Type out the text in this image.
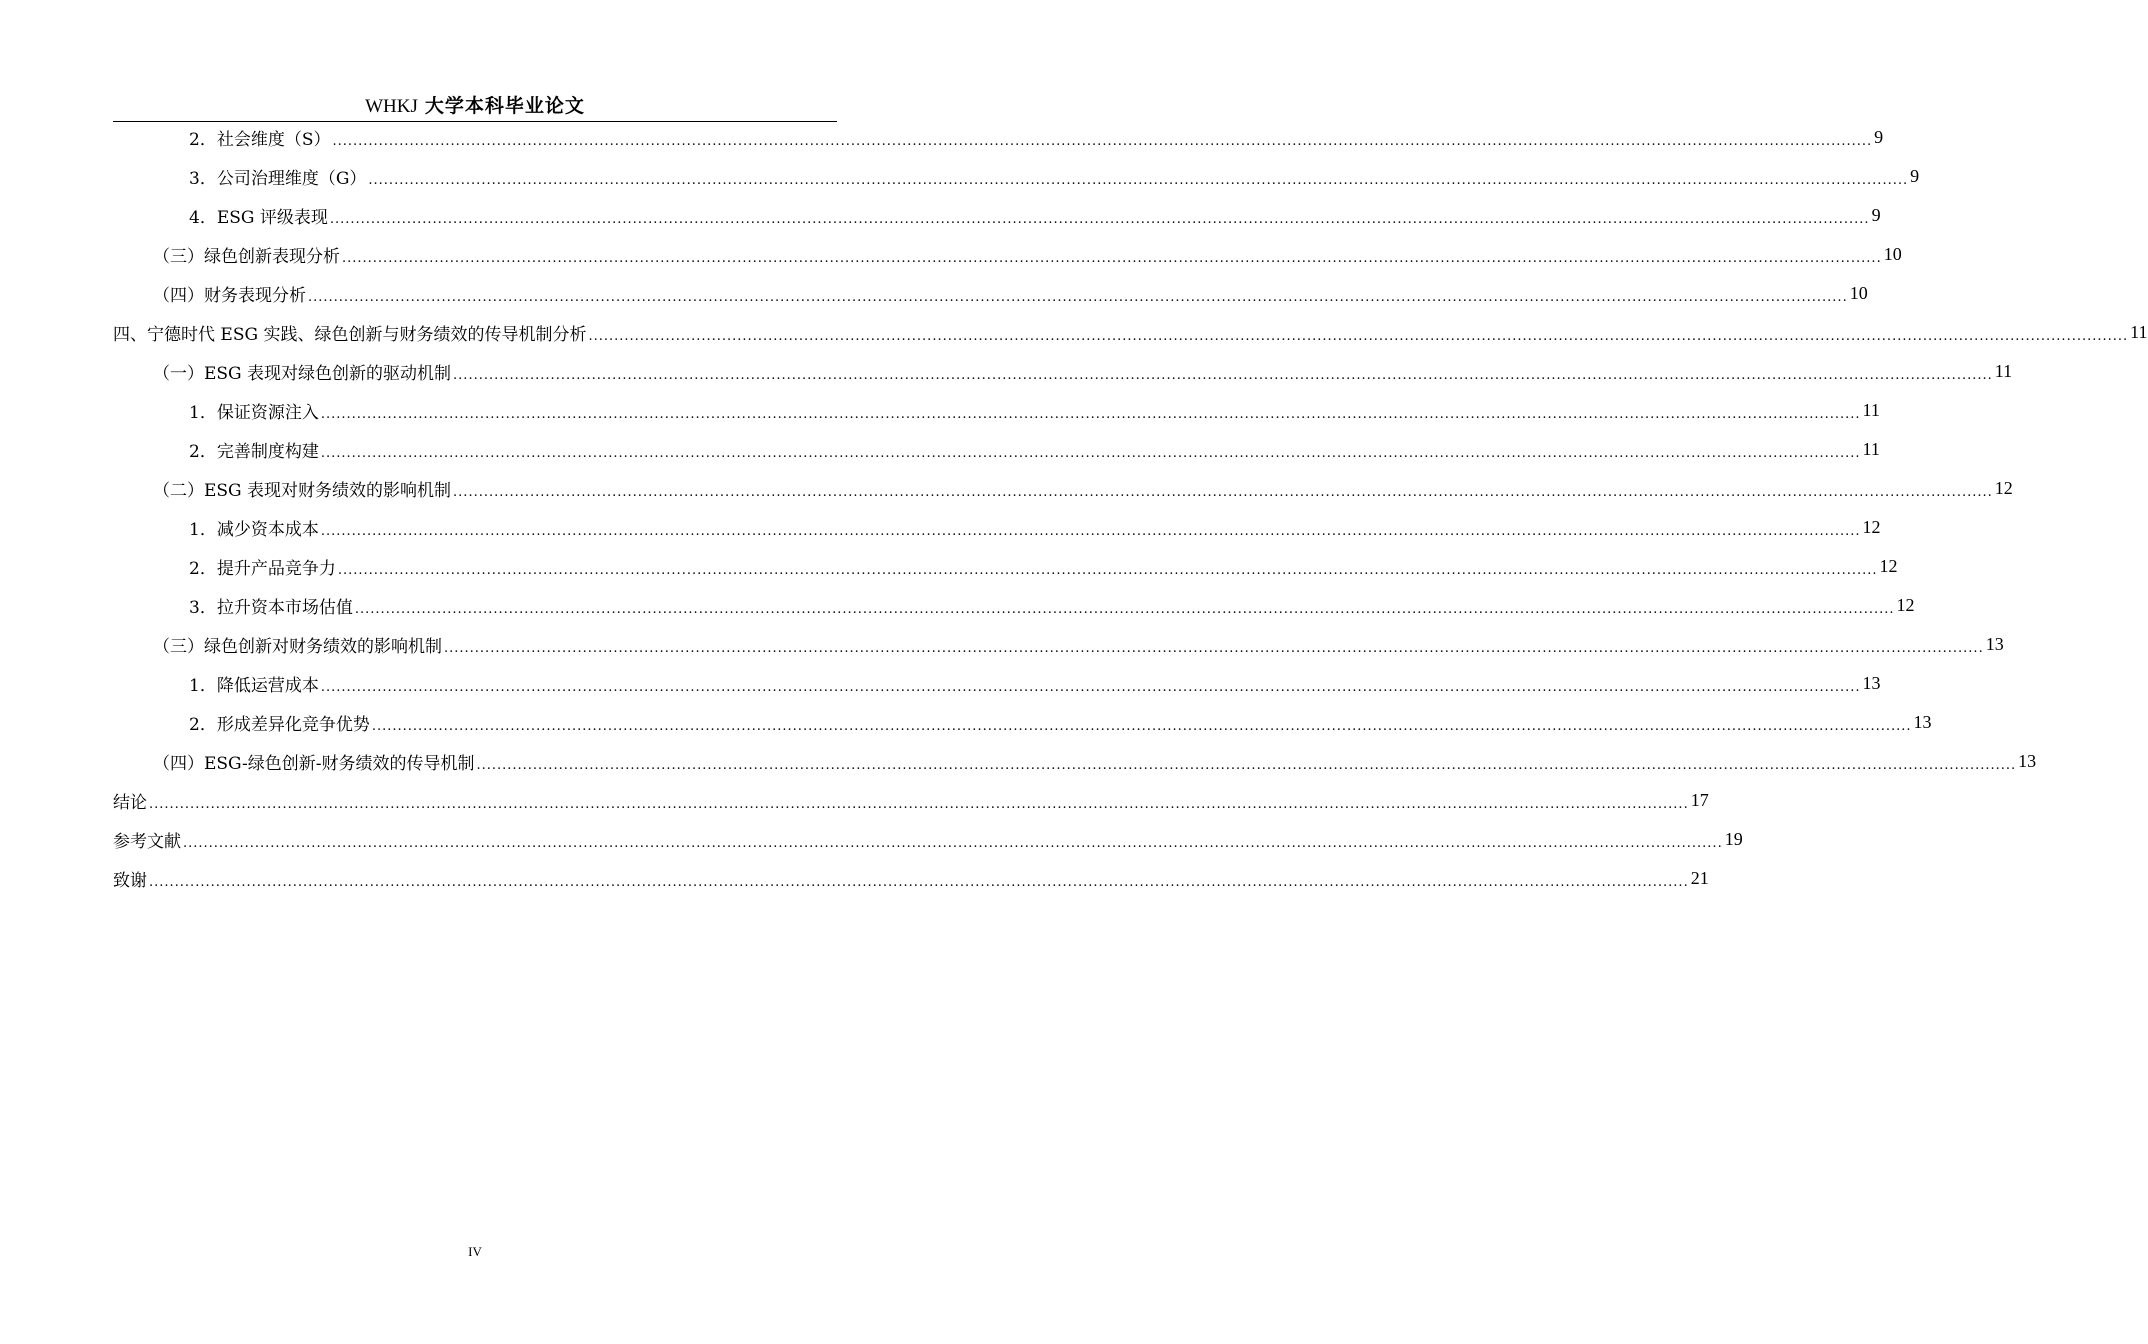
WHKJ 大学本科毕业论文
2．社会维度（S） ............................................................................................................................................................................................................................................................................................................ 9
3．公司治理维度（G） ............................................................................................................................................................................................................................................................................................................ 9
4．ESG 评级表现 ............................................................................................................................................................................................................................................................................................................ 9
（三）绿色创新表现分析 ............................................................................................................................................................................................................................................................................................................ 10
（四）财务表现分析 ............................................................................................................................................................................................................................................................................................................ 10
四、宁德时代 ESG 实践、绿色创新与财务绩效的传导机制分析 ............................................................................................................................................................................................................................................................................................................ 11
（一）ESG 表现对绿色创新的驱动机制 ............................................................................................................................................................................................................................................................................................................ 11
1．保证资源注入 ............................................................................................................................................................................................................................................................................................................ 11
2．完善制度构建 ............................................................................................................................................................................................................................................................................................................ 11
（二）ESG 表现对财务绩效的影响机制 ............................................................................................................................................................................................................................................................................................................ 12
1．减少资本成本 ............................................................................................................................................................................................................................................................................................................ 12
2．提升产品竞争力 ............................................................................................................................................................................................................................................................................................................ 12
3．拉升资本市场估值 ............................................................................................................................................................................................................................................................................................................ 12
（三）绿色创新对财务绩效的影响机制 ............................................................................................................................................................................................................................................................................................................ 13
1．降低运营成本 ............................................................................................................................................................................................................................................................................................................ 13
2．形成差异化竞争优势 ............................................................................................................................................................................................................................................................................................................ 13
（四）ESG-绿色创新-财务绩效的传导机制 ............................................................................................................................................................................................................................................................................................................ 13
结论 ............................................................................................................................................................................................................................................................................................................ 17
参考文献 ............................................................................................................................................................................................................................................................................................................ 19
致谢 ............................................................................................................................................................................................................................................................................................................ 21
IV
